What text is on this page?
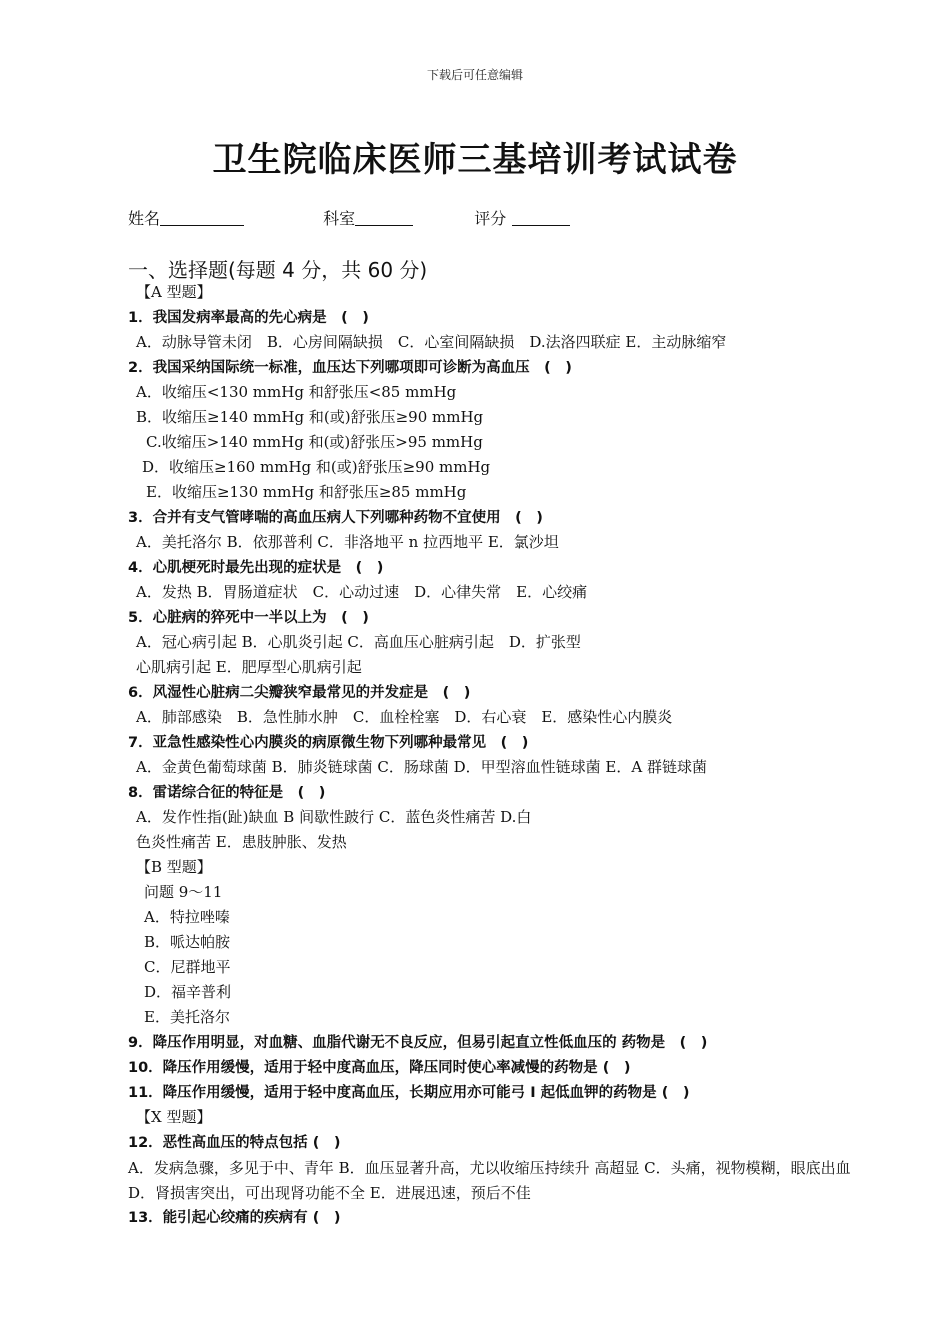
下载后可任意编辑
卫生院临床医师三基培训考试试卷
姓名	科室	评分
一、选择题(每题 4 分，共 60 分)
【A 型题】
1．我国发病率最高的先心病是　(　)
A．动脉导管未闭　B．心房间隔缺损　C．心室间隔缺损　D.法洛四联症 E．主动脉缩窄
2．我国采纳国际统一标准，血压达下列哪项即可诊断为高血压　(　)
A．收缩压<130 mmHg 和舒张压<85 mmHg
B．收缩压≥140 mmHg 和(或)舒张压≥90 mmHg
C.收缩压>140 mmHg 和(或)舒张压>95 mmHg
D．收缩压≥160 mmHg 和(或)舒张压≥90 mmHg
E．收缩压≥130 mmHg 和舒张压≥85 mmHg
3．合并有支气管哮喘的高血压病人下列哪种药物不宜使用　(　)
A．美托洛尔 B．依那普利 C．非洛地平 n 拉西地平 E．氯沙坦
4．心肌梗死时最先出现的症状是　(　)
A．发热 B．胃肠道症状　C．心动过速　D．心律失常　E．心绞痛
5．心脏病的猝死中一半以上为　(　)
A．冠心病引起 B．心肌炎引起 C．高血压心脏病引起　D．扩张型
心肌病引起 E．肥厚型心肌病引起
6．风湿性心脏病二尖瓣狭窄最常见的并发症是　(　)
A．肺部感染　B．急性肺水肿　C．血栓栓塞　D．右心衰　E．感染性心内膜炎
7．亚急性感染性心内膜炎的病原微生物下列哪种最常见　(　)
A．金黄色葡萄球菌 B．肺炎链球菌 C．肠球菌 D．甲型溶血性链球菌 E．A 群链球菌
8．雷诺综合征的特征是　(　)
A．发作性指(趾)缺血 B 间歇性跛行 C．蓝色炎性痛苦 D.白
色炎性痛苦 E．患肢肿胀、发热
【B 型题】
问题 9～11
A．特拉唑嗪
B．哌达帕胺
C．尼群地平
D．福辛普利
E．美托洛尔
9．降压作用明显，对血糖、血脂代谢无不良反应，但易引起直立性低血压的 药物是　(　)
10．降压作用缓慢，适用于轻中度高血压，降压同时使心率减慢的药物是 (　)
11．降压作用缓慢，适用于轻中度高血压，长期应用亦可能弓 I 起低血钾的药物是 (　)
【X 型题】
12．恶性高血压的特点包括 (　)
A．发病急骤，多见于中、青年 B．血压显著升高，尤以收缩压持续升 高超显 C．头痛，视物模糊，眼底出血　D．肾损害突出，可出现肾功能不全 E．进展迅速，预后不佳
13．能引起心绞痛的疾病有 (　)
